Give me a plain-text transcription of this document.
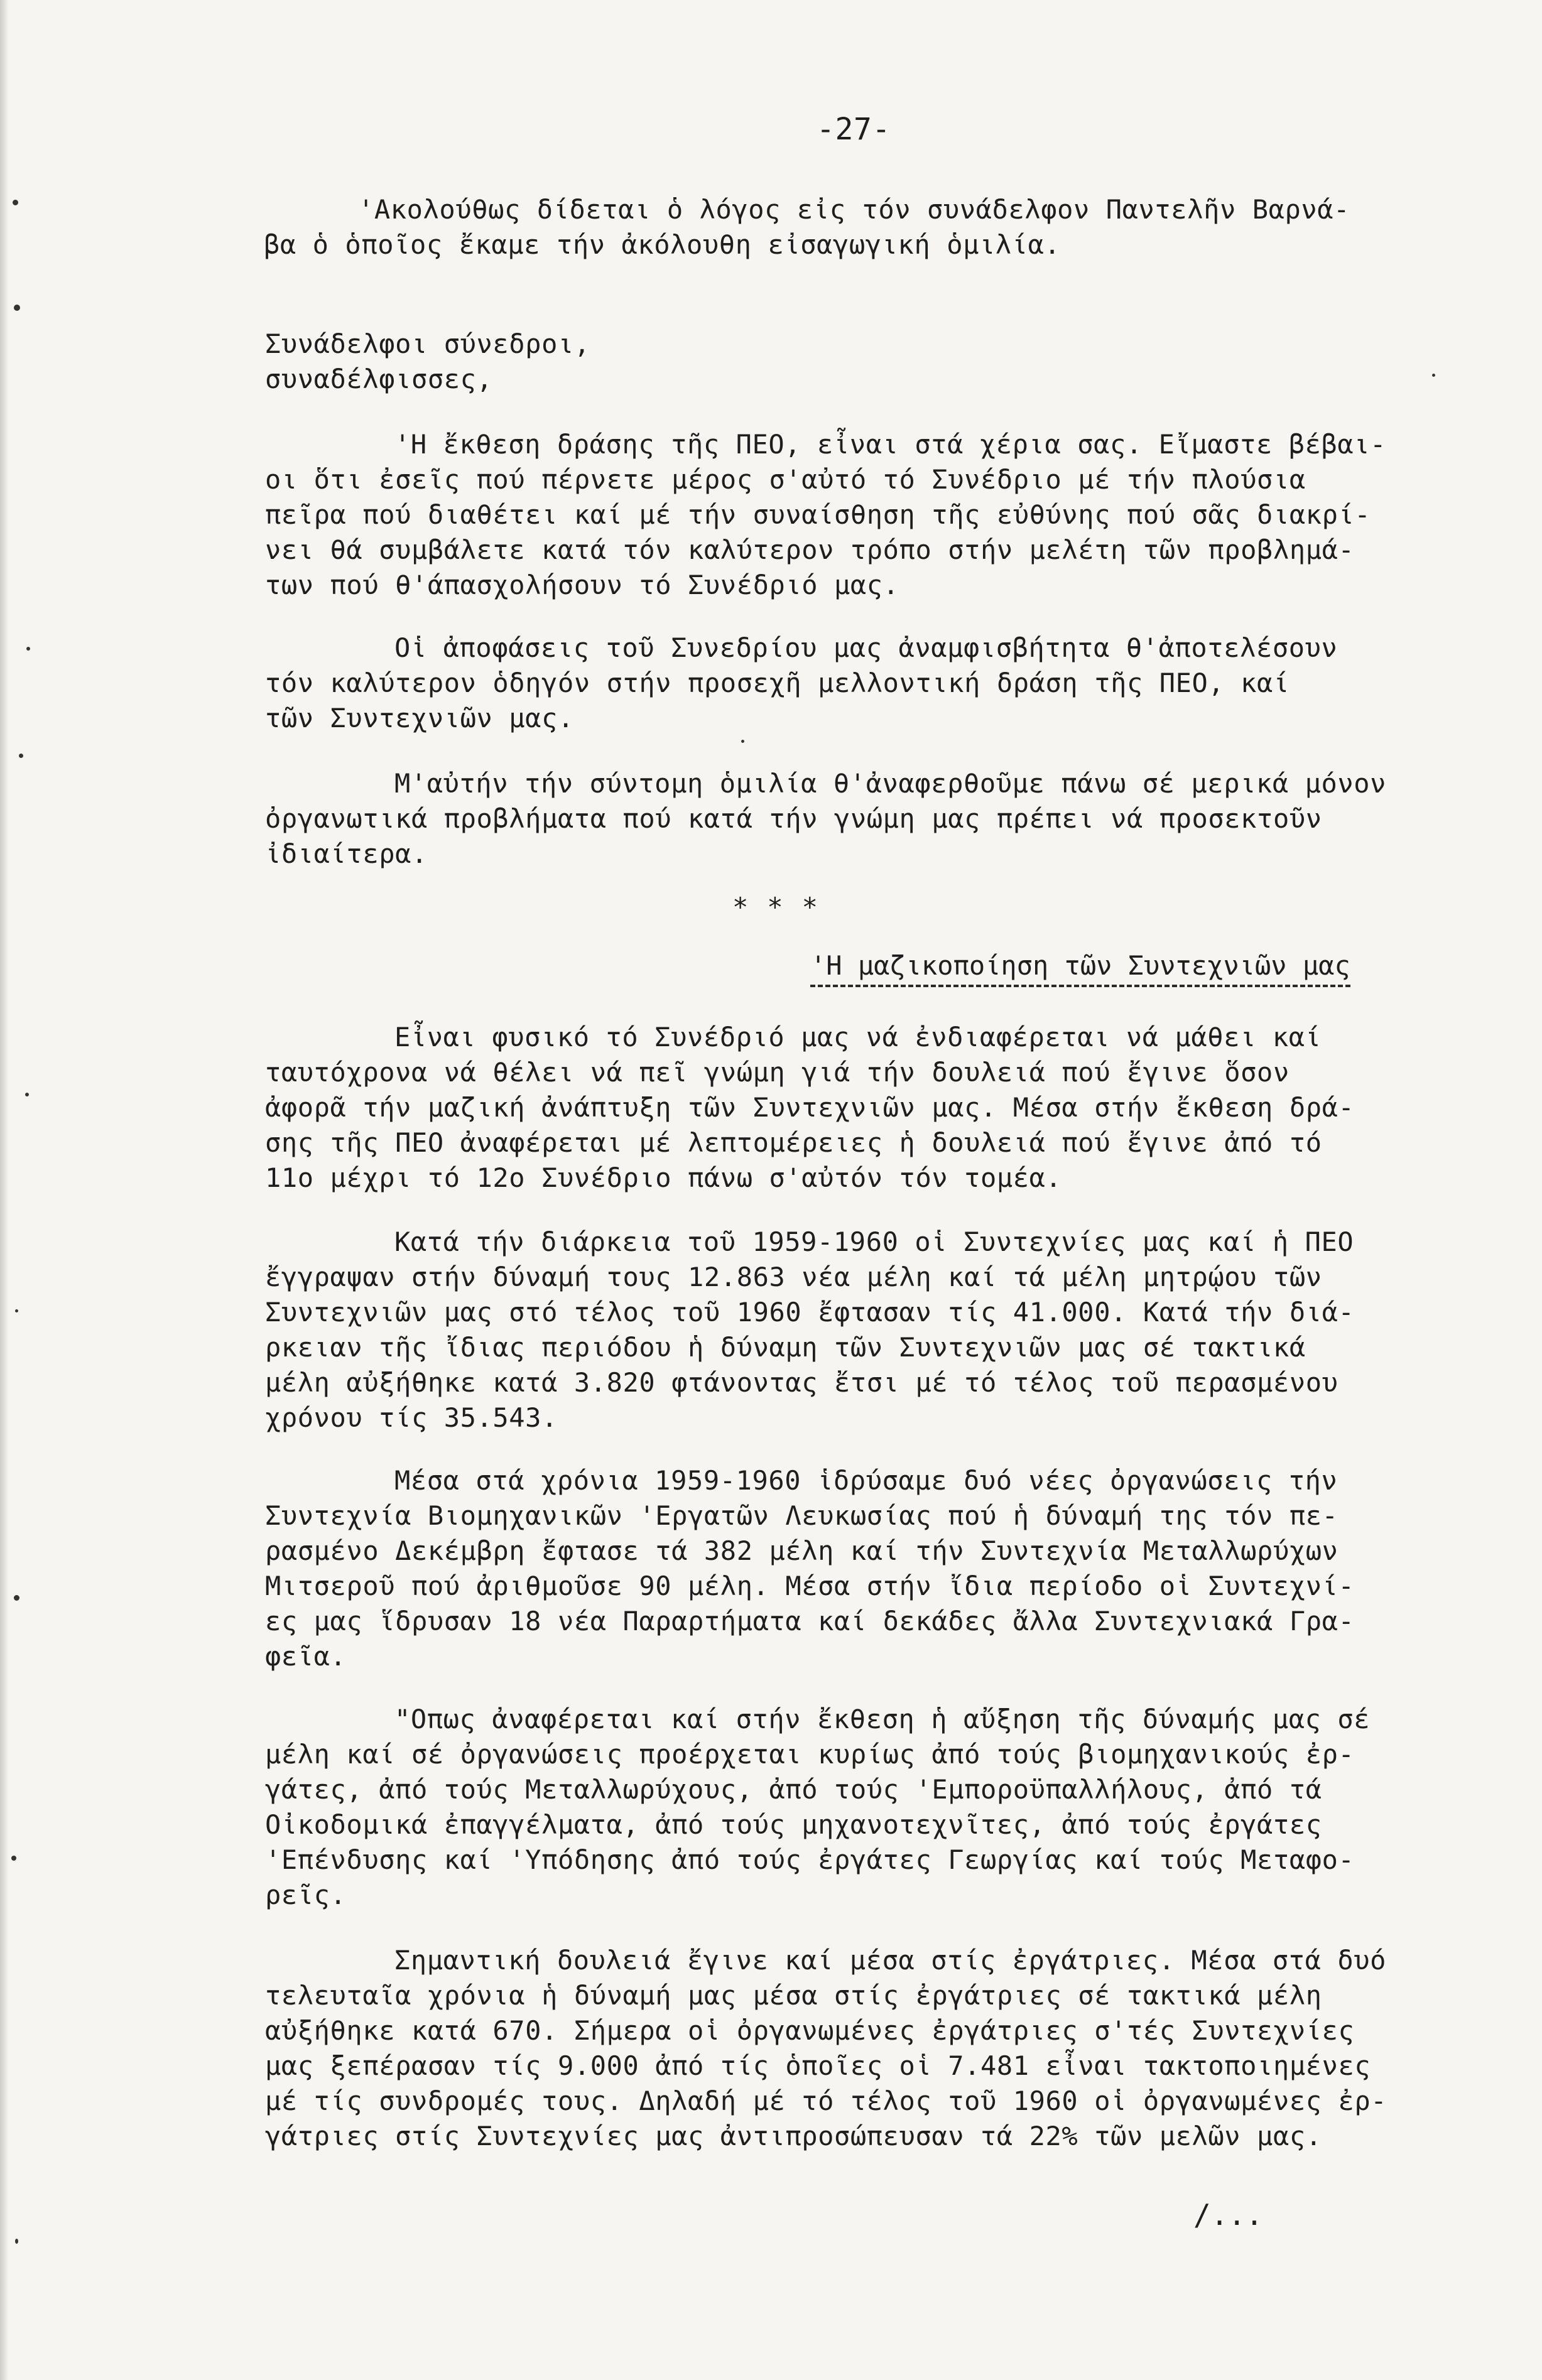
-27-
'Ακολούθως δίδεται ὁ λόγος εἰς τόν συνάδελφον Παντελῆν Βαρνά-
βα ὁ ὁποῖος ἔκαμε τήν ἀκόλουθη εἰσαγωγική ὁμιλία.
Συνάδελφοι σύνεδροι,
συναδέλφισσες,
'Η ἔκθεση δράσης τῆς ΠΕΟ, εἶναι στά χέρια σας. Εἴμαστε βέβαι-
οι ὅτι ἐσεῖς πού πέρνετε μέρος σ'αὐτό τό Συνέδριο μέ τήν πλούσια
πεῖρα πού διαθέτει καί μέ τήν συναίσθηση τῆς εὐθύνης πού σᾶς διακρί-
νει θά συμβάλετε κατά τόν καλύτερον τρόπο στήν μελέτη τῶν προβλημά-
των πού θ'άπασχολήσουν τό Συνέδριό μας.
Οἱ ἀποφάσεις τοῦ Συνεδρίου μας ἀναμφισβήτητα θ'ἀποτελέσουν
τόν καλύτερον ὁδηγόν στήν προσεχῆ μελλοντική δράση τῆς ΠΕΟ, καί
τῶν Συντεχνιῶν μας.
Μ'αὐτήν τήν σύντομη ὁμιλία θ'ἀναφερθοῦμε πάνω σέ μερικά μόνον
ὀργανωτικά προβλήματα πού κατά τήν γνώμη μας πρέπει νά προσεκτοῦν
ἰδιαίτερα.
***
'Η μαζικοποίηση τῶν Συντεχνιῶν μας
Εἶναι φυσικό τό Συνέδριό μας νά ἐνδιαφέρεται νά μάθει καί
ταυτόχρονα νά θέλει νά πεῖ γνώμη γιά τήν δουλειά πού ἔγινε ὅσον
ἀφορᾶ τήν μαζική ἀνάπτυξη τῶν Συντεχνιῶν μας. Μέσα στήν ἔκθεση δρά-
σης τῆς ΠΕΟ ἀναφέρεται μέ λεπτομέρειες ἡ δουλειά πού ἔγινε ἀπό τό
11ο μέχρι τό 12ο Συνέδριο πάνω σ'αὐτόν τόν τομέα.
Κατά τήν διάρκεια τοῦ 1959-1960 οἱ Συντεχνίες μας καί ἡ ΠΕΟ
ἔγγραψαν στήν δύναμή τους 12.863 νέα μέλη καί τά μέλη μητρῴου τῶν
Συντεχνιῶν μας στό τέλος τοῦ 1960 ἔφτασαν τίς 41.000. Κατά τήν διά-
ρκειαν τῆς ἴδιας περιόδου ἡ δύναμη τῶν Συντεχνιῶν μας σέ τακτικά
μέλη αὐξήθηκε κατά 3.820 φτάνοντας ἔτσι μέ τό τέλος τοῦ περασμένου
χρόνου τίς 35.543.
Μέσα στά χρόνια 1959-1960 ἱδρύσαμε δυό νέες ὀργανώσεις τήν
Συντεχνία Βιομηχανικῶν 'Εργατῶν Λευκωσίας πού ἡ δύναμή της τόν πε-
ρασμένο Δεκέμβρη ἔφτασε τά 382 μέλη καί τήν Συντεχνία Μεταλλωρύχων
Μιτσεροῦ πού ἀριθμοῦσε 90 μέλη. Μέσα στήν ἴδια περίοδο οἱ Συντεχνί-
ες μας ἵδρυσαν 18 νέα Παραρτήματα καί δεκάδες ἄλλα Συντεχνιακά Γρα-
φεῖα.
"Οπως ἀναφέρεται καί στήν ἔκθεση ἡ αὔξηση τῆς δύναμής μας σέ
μέλη καί σέ ὀργανώσεις προέρχεται κυρίως ἀπό τούς βιομηχανικούς ἐρ-
γάτες, ἀπό τούς Μεταλλωρύχους, ἀπό τούς 'Εμποροϋπαλλήλους, ἀπό τά
Οἰκοδομικά ἐπαγγέλματα, ἀπό τούς μηχανοτεχνῖτες, ἀπό τούς ἐργάτες
'Επένδυσης καί 'Υπόδησης ἀπό τούς ἐργάτες Γεωργίας καί τούς Μεταφο-
ρεῖς.
Σημαντική δουλειά ἔγινε καί μέσα στίς ἐργάτριες. Μέσα στά δυό
τελευταῖα χρόνια ἡ δύναμή μας μέσα στίς ἐργάτριες σέ τακτικά μέλη
αὐξήθηκε κατά 670. Σήμερα οἱ ὀργανωμένες ἐργάτριες σ'τές Συντεχνίες
μας ξεπέρασαν τίς 9.000 ἀπό τίς ὁποῖες οἱ 7.481 εἶναι τακτοποιημένες
μέ τίς συνδρομές τους. Δηλαδή μέ τό τέλος τοῦ 1960 οἱ ὀργανωμένες ἐρ-
γάτριες στίς Συντεχνίες μας ἀντιπροσώπευσαν τά 22% τῶν μελῶν μας.
/...
